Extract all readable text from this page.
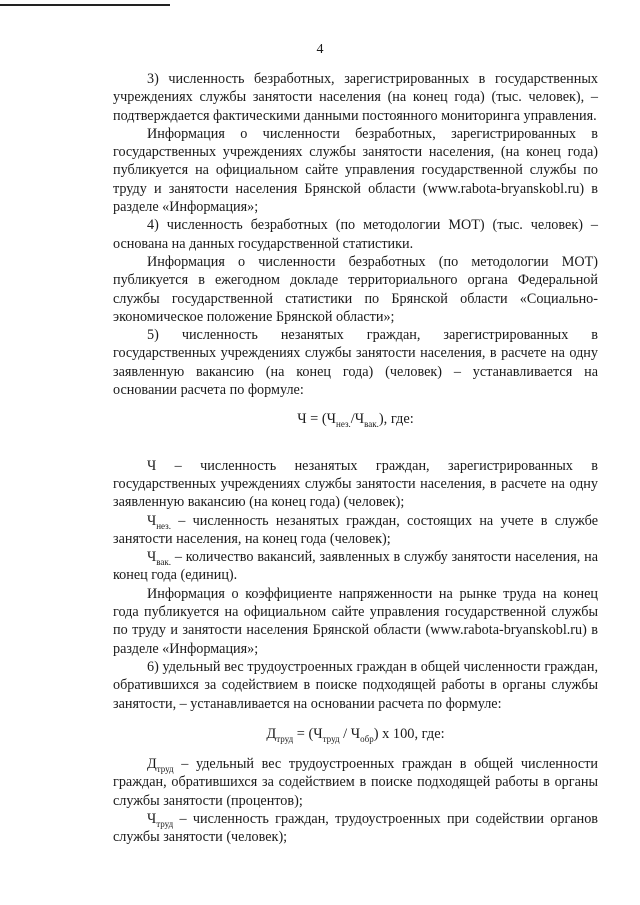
4

3) численность безработных, зарегистрированных в государственных учреждениях службы занятости населения (на конец года) (тыс. человек), – подтверждается фактическими данными постоянного мониторинга управления.

Информация о численности безработных, зарегистрированных в государственных учреждениях службы занятости населения, (на конец года) публикуется на официальном сайте управления государственной службы по труду и занятости населения Брянской области (www.rabota-bryanskobl.ru) в разделе «Информация»;

4) численность безработных (по методологии МОТ) (тыс. человек) – основана на данных государственной статистики.

Информация о численности безработных (по методологии МОТ) публикуется в ежегодном докладе территориального органа Федеральной службы государственной статистики по Брянской области «Социально-экономическое положение Брянской области»;

5) численность незанятых граждан, зарегистрированных в государственных учреждениях службы занятости населения, в расчете на одну заявленную вакансию (на конец года) (человек) – устанавливается на основании расчета по формуле:

$Ч = (Ч_{нез.}/Ч_{вак.})$, где:

Ч – численность незанятых граждан, зарегистрированных в государственных учреждениях службы занятости населения, в расчете на одну заявленную вакансию (на конец года) (человек);

$Ч_{нез.}$ – численность незанятых граждан, состоящих на учете в службе занятости населения, на конец года (человек);

$Ч_{вак.}$ – количество вакансий, заявленных в службу занятости населения, на конец года (единиц).

Информация о коэффициенте напряженности на рынке труда на конец года публикуется на официальном сайте управления государственной службы по труду и занятости населения Брянской области (www.rabota-bryanskobl.ru) в разделе «Информация»;

6) удельный вес трудоустроенных граждан в общей численности граждан, обратившихся за содействием в поиске подходящей работы в органы службы занятости, – устанавливается на основании расчета по формуле:

$Д_{труд} = (Ч_{труд} / Ч_{обр})$ x 100, где:

$Д_{труд}$ – удельный вес трудоустроенных граждан в общей численности граждан, обратившихся за содействием в поиске подходящей работы в органы службы занятости (процентов);

$Ч_{труд}$ – численность граждан, трудоустроенных при содействии органов службы занятости (человек);
